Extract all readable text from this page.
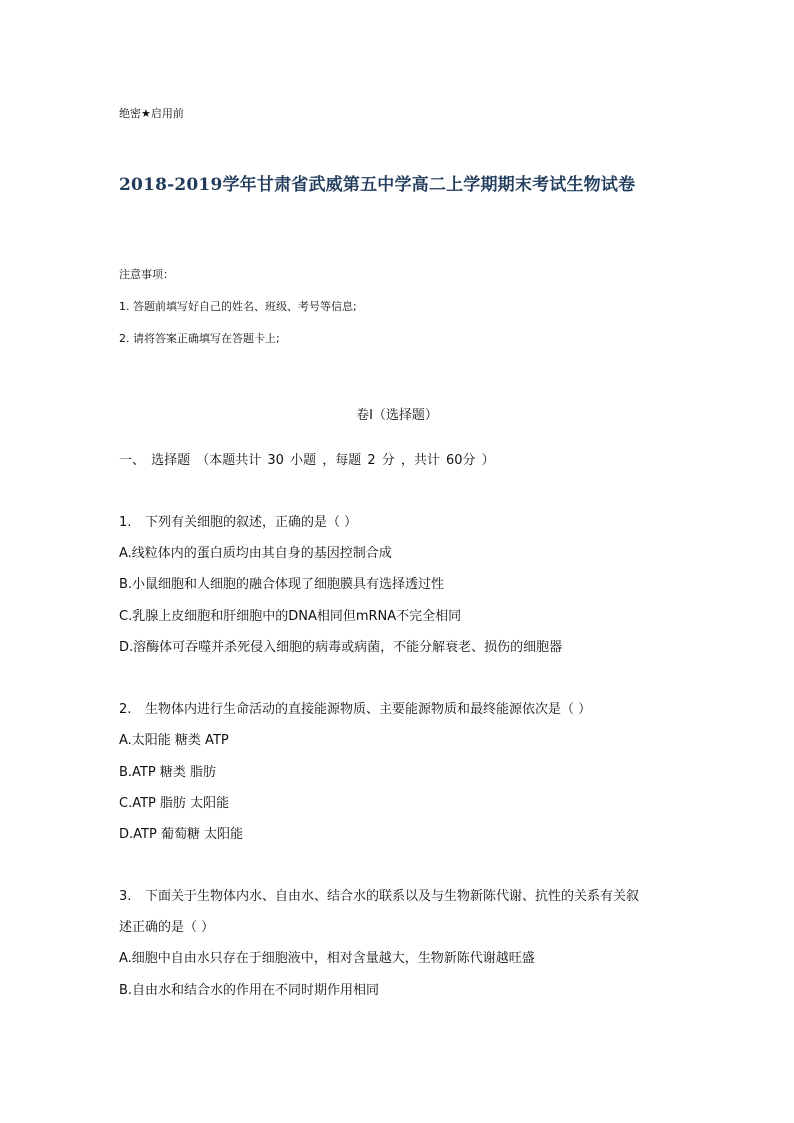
绝密★启用前
2018-2019学年甘肃省武威第五中学高二上学期期末考试生物试卷
注意事项：
1. 答题前填写好自己的姓名、班级、考号等信息;
2. 请将答案正确填写在答题卡上;
卷I（选择题）
一、 选择题 （本题共计 30 小题 ，每题 2 分 ，共计 60分 ）
1. 下列有关细胞的叙述，正确的是（ ）
A.线粒体内的蛋白质均由其自身的基因控制合成
B.小鼠细胞和人细胞的融合体现了细胞膜具有选择透过性
C.乳腺上皮细胞和肝细胞中的DNA相同但mRNA不完全相同
D.溶酶体可吞噬并杀死侵入细胞的病毒或病菌，不能分解衰老、损伤的细胞器
2. 生物体内进行生命活动的直接能源物质、主要能源物质和最终能源依次是（ ）
A.太阳能 糖类 ATP
B.ATP 糖类 脂肪
C.ATP 脂肪 太阳能
D.ATP 葡萄糖 太阳能
3. 下面关于生物体内水、自由水、结合水的联系以及与生物新陈代谢、抗性的关系有关叙
述正确的是（ ）
A.细胞中自由水只存在于细胞液中，相对含量越大，生物新陈代谢越旺盛
B.自由水和结合水的作用在不同时期作用相同
